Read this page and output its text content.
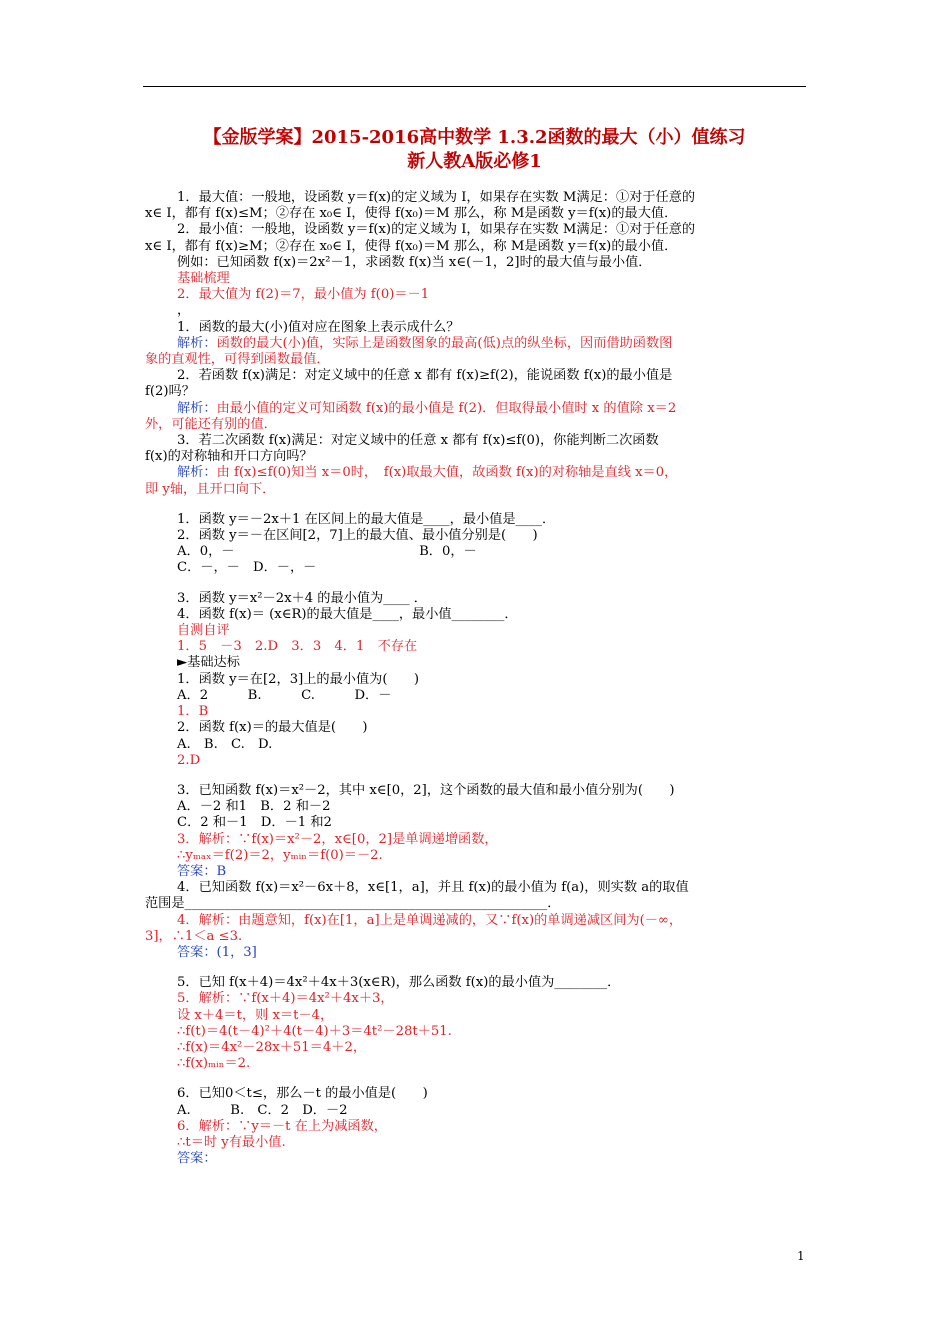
【金版学案】2015-2016高中数学 1.3.2函数的最大（小）值练习
新人教A版必修1

1．最大值：一般地，设函数 y＝f(x)的定义域为 I，如果存在实数 M满足：①对于任意的

x∈ I，都有 f(x)≤M；②存在 x₀∈ I，使得 f(x₀)＝M 那么，称 M是函数 y＝f(x)的最大值．

2．最小值：一般地，设函数 y＝f(x)的定义域为 I，如果存在实数 M满足：①对于任意的

x∈ I，都有 f(x)≥M；②存在 x₀∈ I，使得 f(x₀)＝M 那么，称 M是函数 y＝f(x)的最小值．

例如：已知函数 f(x)＝2x²－1，求函数 f(x)当 x∈(－1，2]时的最大值与最小值．

基础梳理

2．最大值为 f(2)＝7，最小值为 f(0)＝－1

，

1．函数的最大(小)值对应在图象上表示成什么？

解析：函数的最大(小)值，实际上是函数图象的最高(低)点的纵坐标，因而借助函数图

象的直观性，可得到函数最值．

2．若函数 f(x)满足：对定义域中的任意 x 都有 f(x)≥f(2)，能说函数 f(x)的最小值是

f(2)吗？

解析：由最小值的定义可知函数 f(x)的最小值是 f(2)．但取得最小值时 x 的值除 x＝2

外，可能还有别的值．

3．若二次函数 f(x)满足：对定义域中的任意 x 都有 f(x)≤f(0)，你能判断二次函数

f(x)的对称轴和开口方向吗？

解析：由 f(x)≤f(0)知当 x＝0时，　f(x)取最大值，故函数 f(x)的对称轴是直线 x＝0，

即 y轴，且开口向下．

1．函数 y＝－2x＋1 在区间上的最大值是____，最小值是____．

2．函数 y＝－在区间[2，7]上的最大值、最小值分别是(　　)

A．0，－　　　　　　　　　　　　　　B．0，－

C．－，－　D．－，－

3．函数 y＝x²－2x＋4 的最小值为____ ．

4．函数 f(x)＝ (x∈R)的最大值是____，最小值________．

自测自评

1．5　－3　2.D　3．3　4．1　不存在

►基础达标

1．函数 y＝在[2，3]上的最小值为(　　)

A．2　　　B.　　　C.　　　D．－

1．B

2．函数 f(x)＝的最大值是(　　)

A.　B.　C.　D.

2.D

3．已知函数 f(x)＝x²－2，其中 x∈[0，2]，这个函数的最大值和最小值分别为(　　)

A．－2 和1　B．2 和－2

C．2 和－1　D．－1 和2

3．解析：∵f(x)＝x²－2，x∈[0，2]是单调递增函数，

∴yₘₐₓ＝f(2)＝2，yₘᵢₙ＝f(0)＝－2.

答案：B

4．已知函数 f(x)＝x²－6x＋8，x∈[1，a]，并且 f(x)的最小值为 f(a)，则实数 a的取值

范围是_______________________________________________________．

4．解析：由题意知，f(x)在[1，a]上是单调递减的，又∵f(x)的单调递减区间为(－∞，

3]，∴1＜a ≤3.

答案：(1，3]

5．已知 f(x＋4)＝4x²＋4x＋3(x∈R)，那么函数 f(x)的最小值为________．

5．解析：∵f(x＋4)＝4x²＋4x＋3，

设 x＋4＝t，则 x＝t－4，

∴f(t)＝4(t－4)²＋4(t－4)＋3＝4t²－28t＋51.

∴f(x)＝4x²－28x＋51＝4＋2，

∴f(x)ₘᵢₙ＝2.

6．已知0＜t≤，那么－t 的最小值是(　　)

A.　　　B.　C．2　D．－2

6．解析：∵y＝－t 在上为减函数，

∴t＝时 y有最小值.

答案：

1
